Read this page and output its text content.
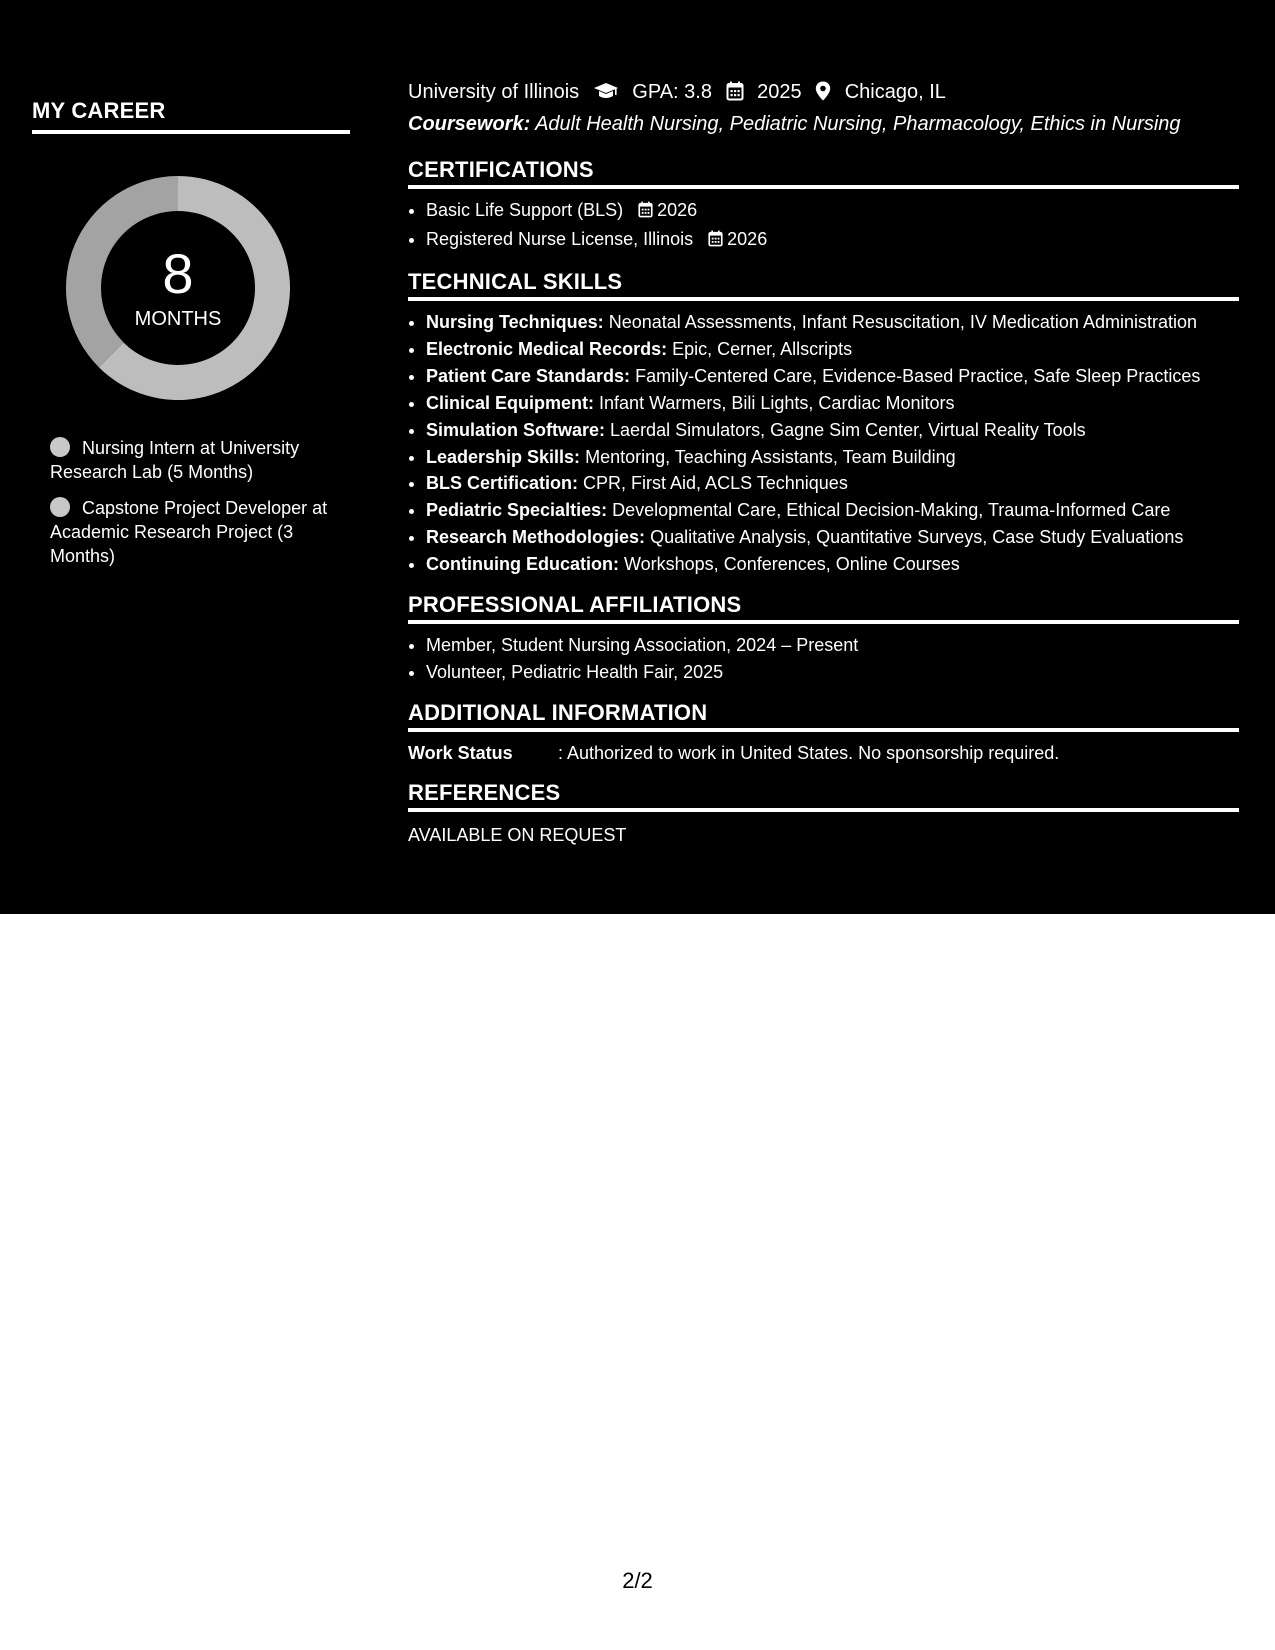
MY CAREER
8
MONTHS
Nursing Intern at University Research Lab (5 Months)
Capstone Project Developer at Academic Research Project (3 Months)
University of Illinois	GPA: 3.8 2025 Chicago, IL
Coursework: Adult Health Nursing, Pediatric Nursing, Pharmacology, Ethics in Nursing
CERTIFICATIONS
• Basic Life Support (BLS) 2026
• Registered Nurse License, Illinois 2026
TECHNICAL SKILLS
• Nursing Techniques: Neonatal Assessments, Infant Resuscitation, IV Medication Administration
• Electronic Medical Records: Epic, Cerner, Allscripts
• Patient Care Standards: Family-Centered Care, Evidence-Based Practice, Safe Sleep Practices
• Clinical Equipment: Infant Warmers, Bili Lights, Cardiac Monitors
• Simulation Software: Laerdal Simulators, Gagne Sim Center, Virtual Reality Tools
• Leadership Skills: Mentoring, Teaching Assistants, Team Building
• BLS Certification: CPR, First Aid, ACLS Techniques
• Pediatric Specialties: Developmental Care, Ethical Decision-Making, Trauma-Informed Care
• Research Methodologies: Qualitative Analysis, Quantitative Surveys, Case Study Evaluations
• Continuing Education: Workshops, Conferences, Online Courses
PROFESSIONAL AFFILIATIONS
• Member, Student Nursing Association, 2024 – Present
• Volunteer, Pediatric Health Fair, 2025
ADDITIONAL INFORMATION
Work Status	: Authorized to work in United States. No sponsorship required.
REFERENCES
AVAILABLE ON REQUEST
2/2
